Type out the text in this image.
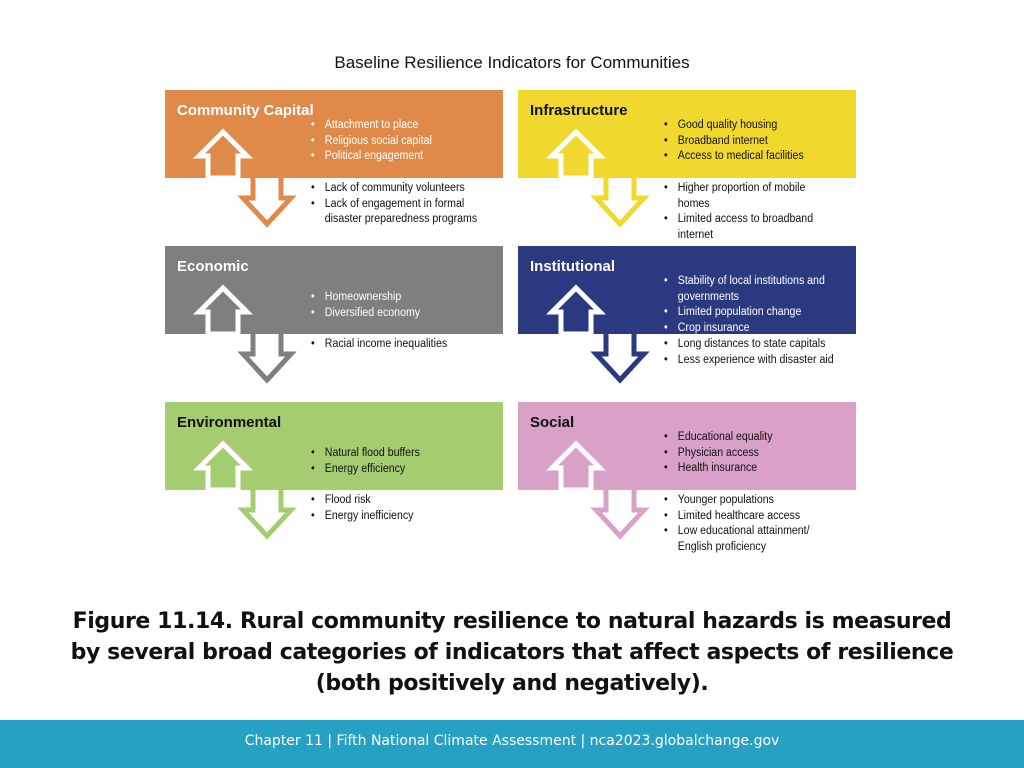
Baseline Resilience Indicators for Communities
Community Capital
• Attachment to place
• Religious social capital
• Political engagement
• Lack of community volunteers
• Lack of engagement in formal disaster preparedness programs
Infrastructure
• Good quality housing
• Broadband internet
• Access to medical facilities
• Higher proportion of mobile homes
• Limited access to broadband internet
Economic
• Homeownership
• Diversified economy
• Racial income inequalities
Institutional
• Stability of local institutions and governments
• Limited population change
• Crop insurance
• Long distances to state capitals
• Less experience with disaster aid
Environmental
• Natural flood buffers
• Energy efficiency
• Flood risk
• Energy inefficiency
Social
• Educational equality
• Physician access
• Health insurance
• Younger populations
• Limited healthcare access
• Low educational attainment/ English proficiency
Figure 11.14. Rural community resilience to natural hazards is measured by several broad categories of indicators that affect aspects of resilience (both positively and negatively).
Chapter 11 | Fifth National Climate Assessment | nca2023.globalchange.gov
